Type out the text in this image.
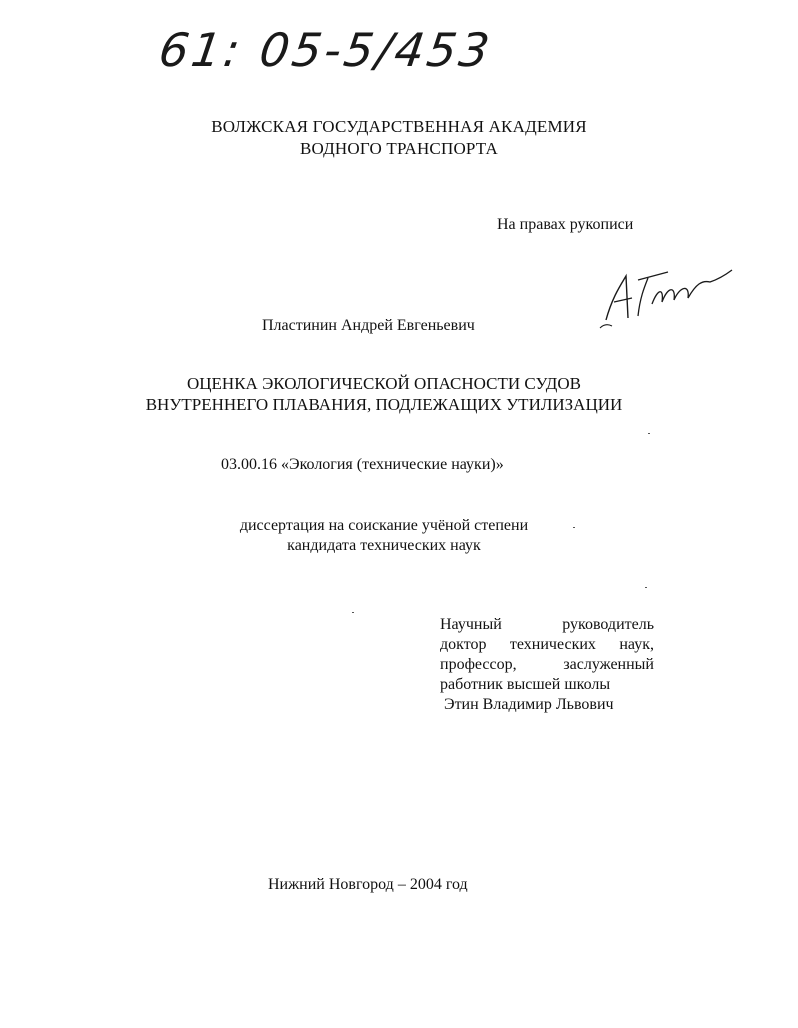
61: 05-5/453
ВОЛЖСКАЯ ГОСУДАРСТВЕННАЯ АКАДЕМИЯ
ВОДНОГО ТРАНСПОРТА
На правах рукописи
Пластинин Андрей Евгеньевич
ОЦЕНКА ЭКОЛОГИЧЕСКОЙ ОПАСНОСТИ СУДОВ
ВНУТРЕННЕГО ПЛАВАНИЯ, ПОДЛЕЖАЩИХ УТИЛИЗАЦИИ
03.00.16 «Экология (технические науки)»
диссертация на соискание учёной степени
кандидата технических наук
Научный	руководитель
доктор технических наук,
профессор,	заслуженный
работник высшей школы
Этин Владимир Львович
Нижний Новгород – 2004 год
